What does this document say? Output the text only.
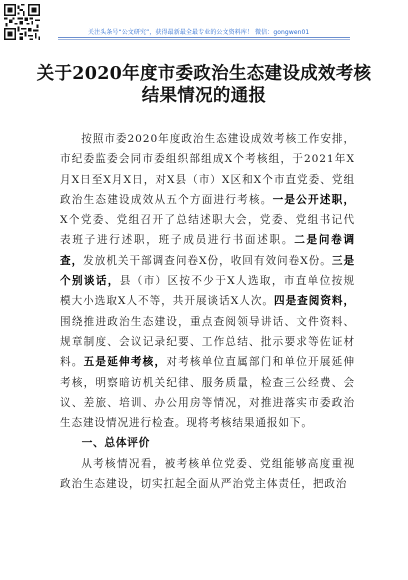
关注头条号“公文研究”，获得最新最全最专业的公文资料库！ 微信：gongwen01
关于2020年度市委政治生态建设成效考核
结果情况的通报

按照市委2020年度政治生态建设成效考核工作安排，市纪委监委会同市委组织部组成X个考核组，于2021年X月X日至X月X日，对X县（市）X区和X个市直党委、党组政治生态建设成效从五个方面进行考核。一是公开述职，X个党委、党组召开了总结述职大会，党委、党组书记代表班子进行述职，班子成员进行书面述职。二是问卷调查，发放机关干部调查问卷X份，收回有效问卷X份。三是个别谈话，县（市）区按不少于X人选取，市直单位按规模大小选取X人不等，共开展谈话X人次。四是查阅资料，围绕推进政治生态建设，重点查阅领导讲话、文件资料、规章制度、会议记录纪要、工作总结、批示要求等佐证材料。五是延伸考核，对考核单位直属部门和单位开展延伸考核，明察暗访机关纪律、服务质量，检查三公经费、会议、差旅、培训、办公用房等情况，对推进落实市委政治生态建设情况进行检查。现将考核结果通报如下。

一、总体评价

从考核情况看，被考核单位党委、党组能够高度重视政治生态建设，切实扛起全面从严治党主体责任，把政治
